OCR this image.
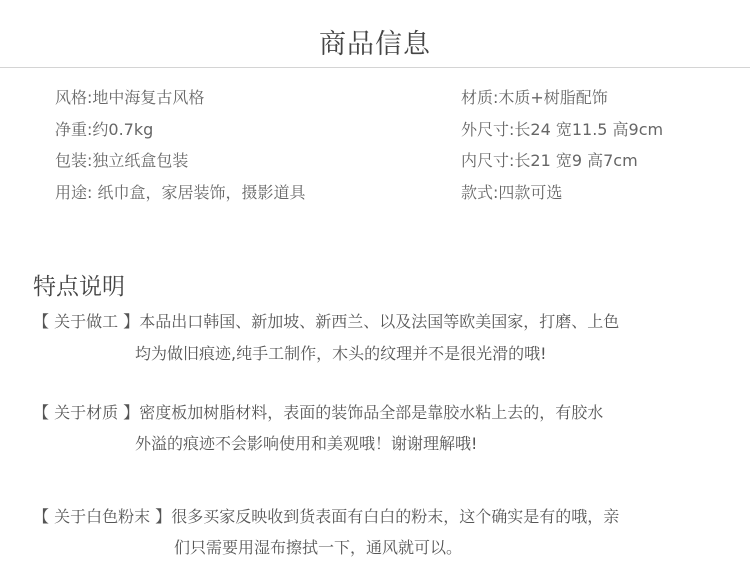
商品信息
风格:地中海复古风格
净重:约0.7kg
包装:独立纸盒包装
用途: 纸巾盒，家居装饰，摄影道具
材质:木质+树脂配饰
外尺寸:长24 宽11.5 高9cm
内尺寸:长21 宽9 高7cm
款式:四款可选
特点说明
【 关于做工 】本品出口韩国、新加坡、新西兰、以及法国等欧美国家，打磨、上色
均为做旧痕迹,纯手工制作，木头的纹理并不是很光滑的哦!
【 关于材质 】密度板加树脂材料，表面的装饰品全部是靠胶水粘上去的，有胶水
外溢的痕迹不会影响使用和美观哦！谢谢理解哦!
【 关于白色粉末 】很多买家反映收到货表面有白白的粉末，这个确实是有的哦，亲
们只需要用湿布擦拭一下，通风就可以。
